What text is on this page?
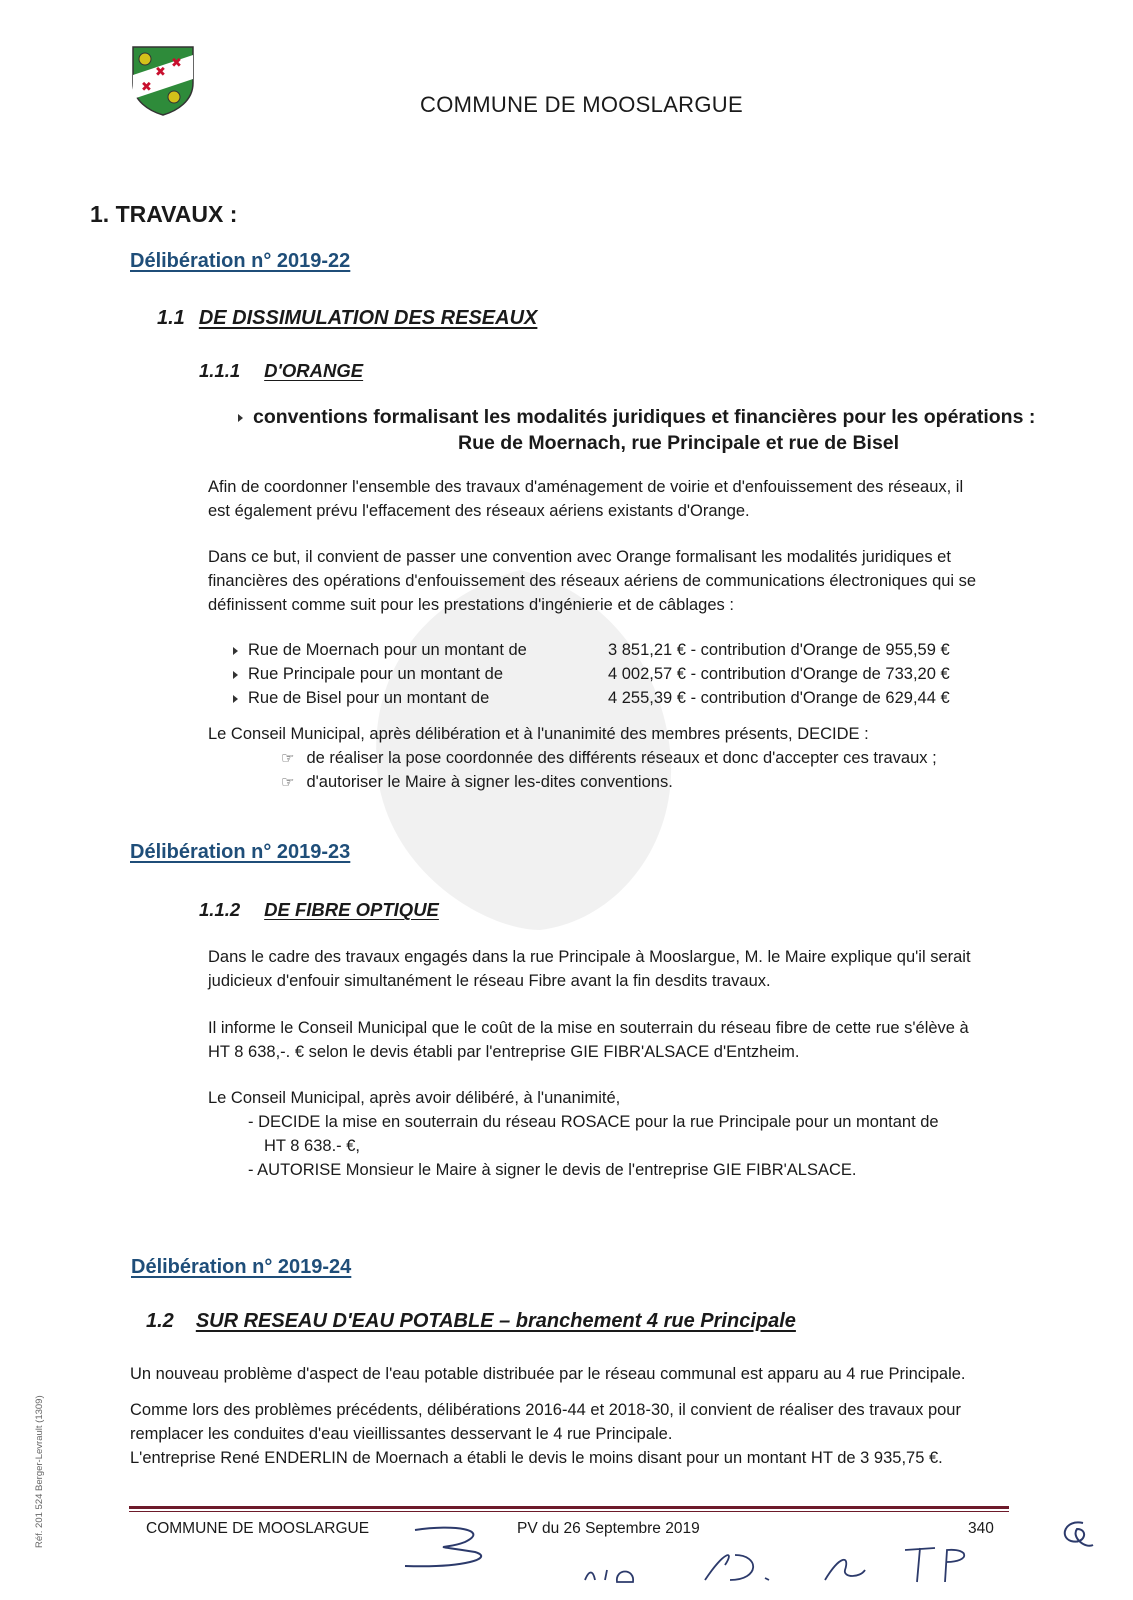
✖
✖
✖
COMMUNE DE MOOSLARGUE
1. TRAVAUX :
Délibération n° 2019-22
1.1 DE DISSIMULATION DES RESEAUX
1.1.1 D'ORANGE
conventions formalisant les modalités juridiques et financières pour les opérations :
Rue de Moernach, rue Principale et rue de Bisel
Afin de coordonner l'ensemble des travaux d'aménagement de voirie et d'enfouissement des réseaux, il
est également prévu l'effacement des réseaux aériens existants d'Orange.
Dans ce but, il convient de passer une convention avec Orange formalisant les modalités juridiques et
financières des opérations d'enfouissement des réseaux aériens de communications électroniques qui se
définissent comme suit pour les prestations d'ingénierie et de câblages :
Rue de Moernach pour un montant de	3 851,21 € - contribution d'Orange de 955,59 €
Rue Principale pour un montant de	4 002,57 € - contribution d'Orange de 733,20 €
Rue de Bisel pour un montant de	4 255,39 € - contribution d'Orange de 629,44 €
Le Conseil Municipal, après délibération et à l'unanimité des membres présents, DECIDE :
☞ de réaliser la pose coordonnée des différents réseaux et donc d'accepter ces travaux ;
☞ d'autoriser le Maire à signer les-dites conventions.
Délibération n° 2019-23
1.1.2 DE FIBRE OPTIQUE
Dans le cadre des travaux engagés dans la rue Principale à Mooslargue, M. le Maire explique qu'il serait
judicieux d'enfouir simultanément le réseau Fibre avant la fin desdits travaux.
Il informe le Conseil Municipal que le coût de la mise en souterrain du réseau fibre de cette rue s'élève à
HT 8 638,-. € selon le devis établi par l'entreprise GIE FIBR'ALSACE d'Entzheim.
Le Conseil Municipal, après avoir délibéré, à l'unanimité,
- DECIDE la mise en souterrain du réseau ROSACE pour la rue Principale pour un montant de
HT 8 638.- €,
- AUTORISE Monsieur le Maire à signer le devis de l'entreprise GIE FIBR'ALSACE.
Délibération n° 2019-24
1.2 SUR RESEAU D'EAU POTABLE – branchement 4 rue Principale
Un nouveau problème d'aspect de l'eau potable distribuée par le réseau communal est apparu au 4 rue Principale.
Comme lors des problèmes précédents, délibérations 2016-44 et 2018-30, il convient de réaliser des travaux pour
remplacer les conduites d'eau vieillissantes desservant le 4 rue Principale.
L'entreprise René ENDERLIN de Moernach a établi le devis le moins disant pour un montant HT de 3 935,75 €.
COMMUNE DE MOOSLARGUE	PV du 26 Septembre 2019	340
Réf. 201 524 Berger-Levrault (1309)
